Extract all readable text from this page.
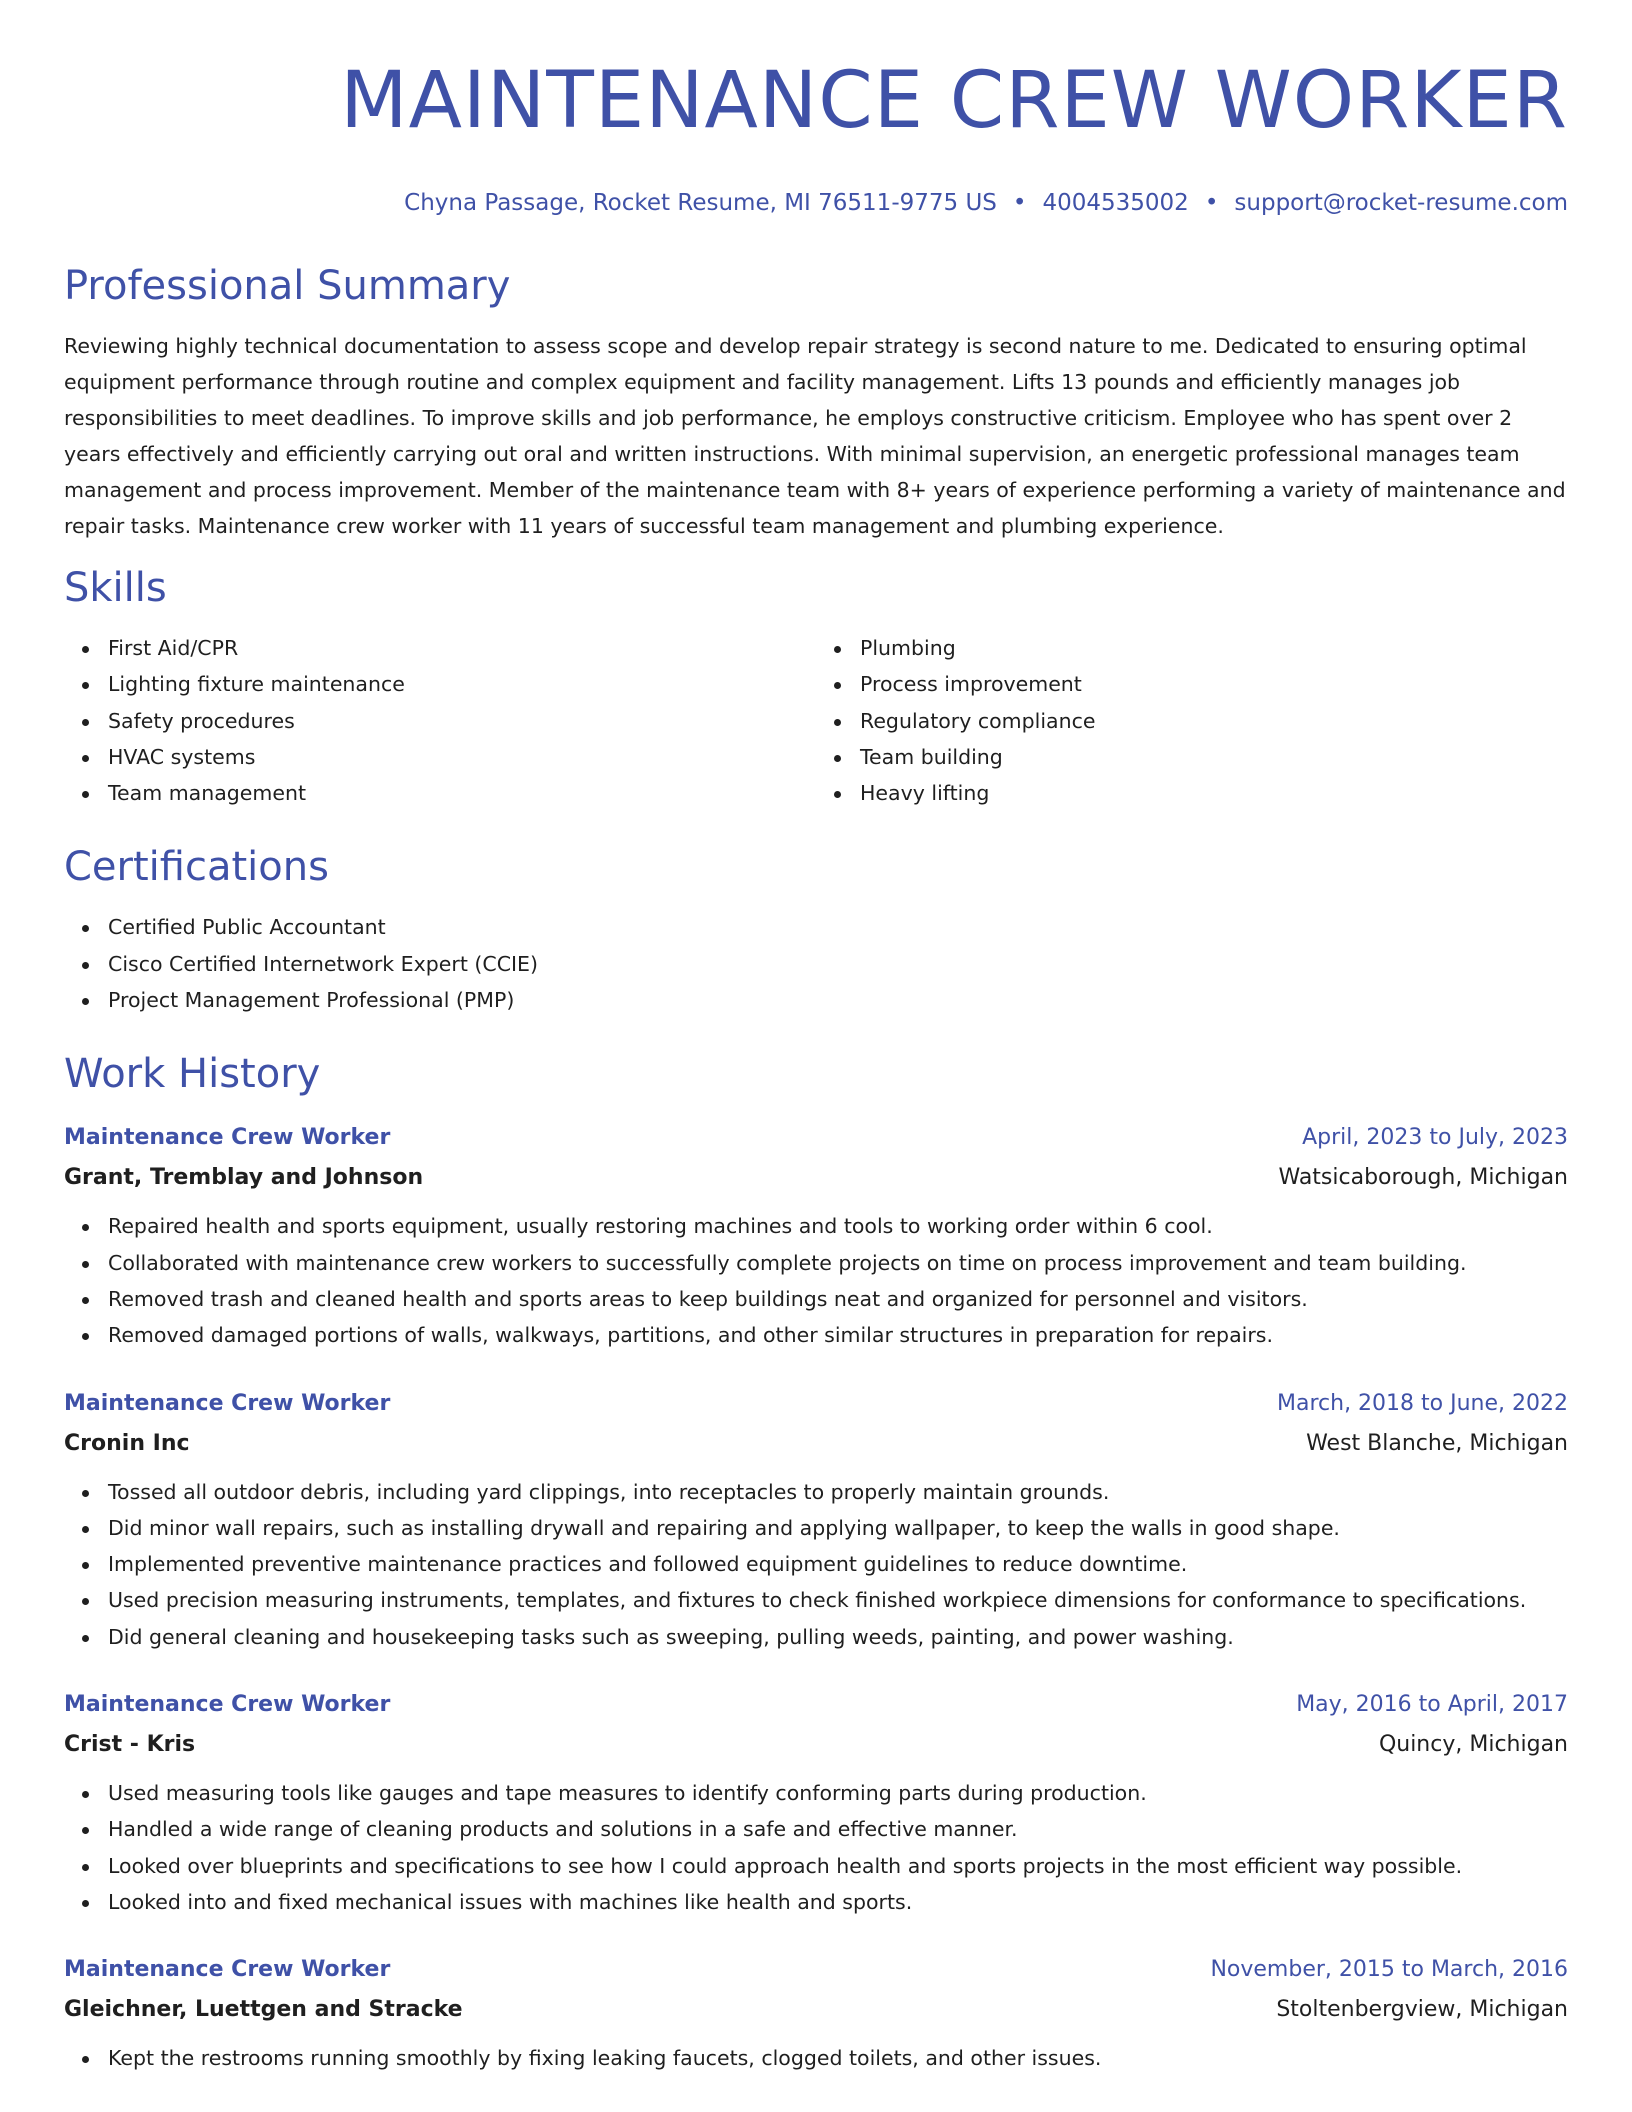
MAINTENANCE CREW WORKER
Chyna Passage, Rocket Resume, MI 76511-9775 US • 4004535002 • support@rocket-resume.com
Professional Summary
Reviewing highly technical documentation to assess scope and develop repair strategy is second nature to me. Dedicated to ensuring optimal equipment performance through routine and complex equipment and facility management. Lifts 13 pounds and efficiently manages job responsibilities to meet deadlines. To improve skills and job performance, he employs constructive criticism. Employee who has spent over 2 years effectively and efficiently carrying out oral and written instructions. With minimal supervision, an energetic professional manages team management and process improvement. Member of the maintenance team with 8+ years of experience performing a variety of maintenance and repair tasks. Maintenance crew worker with 11 years of successful team management and plumbing experience.
Skills
First Aid/CPR
Lighting fixture maintenance
Safety procedures
HVAC systems
Team management
Plumbing
Process improvement
Regulatory compliance
Team building
Heavy lifting
Certifications
Certified Public Accountant
Cisco Certified Internetwork Expert (CCIE)
Project Management Professional (PMP)
Work History
Maintenance Crew Worker	April, 2023 to July, 2023
Grant, Tremblay and Johnson	Watsicaborough, Michigan
Repaired health and sports equipment, usually restoring machines and tools to working order within 6 cool.
Collaborated with maintenance crew workers to successfully complete projects on time on process improvement and team building.
Removed trash and cleaned health and sports areas to keep buildings neat and organized for personnel and visitors.
Removed damaged portions of walls, walkways, partitions, and other similar structures in preparation for repairs.
Maintenance Crew Worker	March, 2018 to June, 2022
Cronin Inc	West Blanche, Michigan
Tossed all outdoor debris, including yard clippings, into receptacles to properly maintain grounds.
Did minor wall repairs, such as installing drywall and repairing and applying wallpaper, to keep the walls in good shape.
Implemented preventive maintenance practices and followed equipment guidelines to reduce downtime.
Used precision measuring instruments, templates, and fixtures to check finished workpiece dimensions for conformance to specifications.
Did general cleaning and housekeeping tasks such as sweeping, pulling weeds, painting, and power washing.
Maintenance Crew Worker	May, 2016 to April, 2017
Crist - Kris	Quincy, Michigan
Used measuring tools like gauges and tape measures to identify conforming parts during production.
Handled a wide range of cleaning products and solutions in a safe and effective manner.
Looked over blueprints and specifications to see how I could approach health and sports projects in the most efficient way possible.
Looked into and fixed mechanical issues with machines like health and sports.
Maintenance Crew Worker	November, 2015 to March, 2016
Gleichner, Luettgen and Stracke	Stoltenbergview, Michigan
Kept the restrooms running smoothly by fixing leaking faucets, clogged toilets, and other issues.
